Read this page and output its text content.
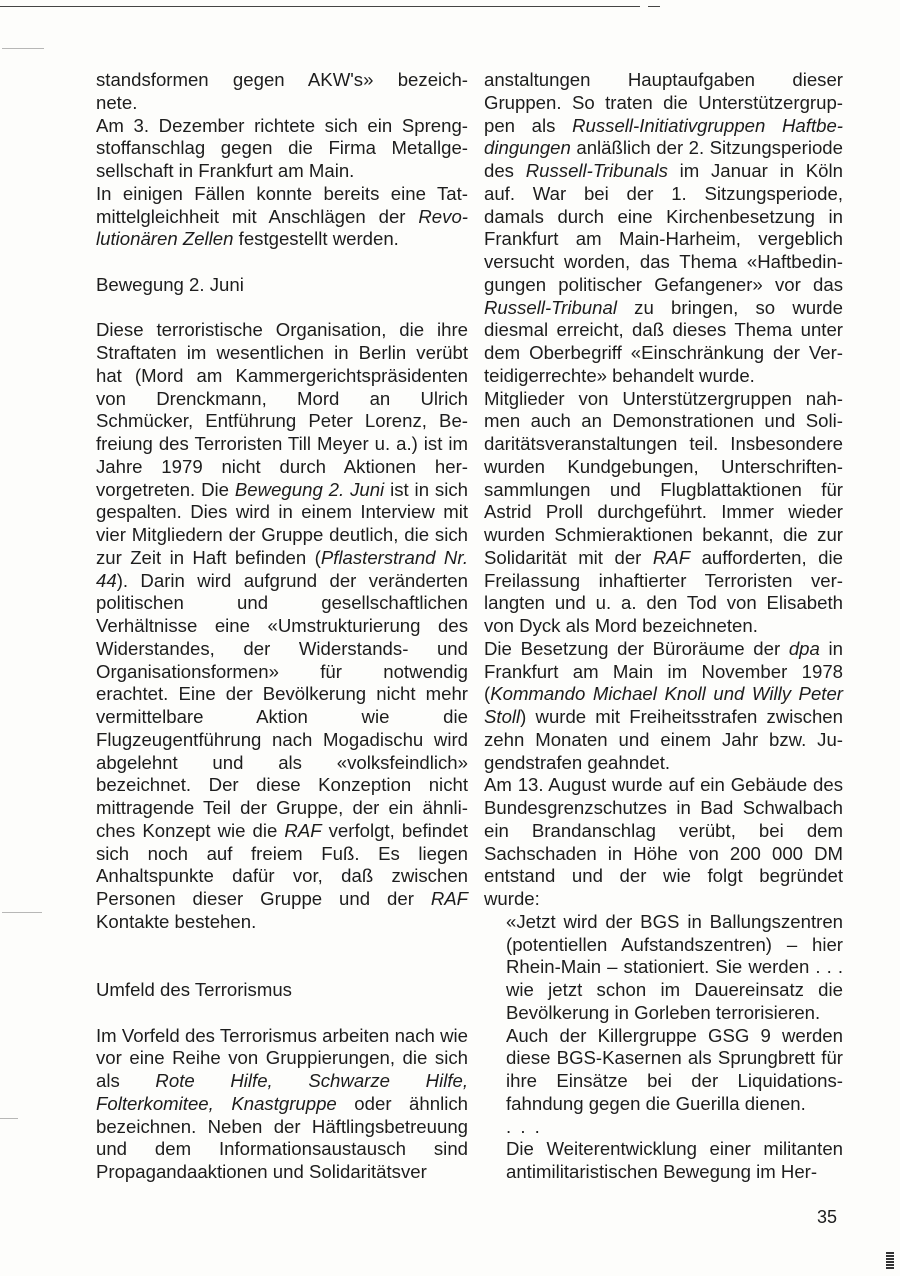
standsformen gegen AKW's» bezeich-
nete.

Am 3. Dezember richtete sich ein Sprengstoffanschlag gegen die Firma Metallgesellschaft in Frankfurt am Main.

In einigen Fällen konnte bereits eine Tatmittelgleichheit mit Anschlägen der Revolutionären Zellen festgestellt werden.

Bewegung 2. Juni

Diese terroristische Organisation, die ihre Straftaten im wesentlichen in Berlin verübt hat (Mord am Kammergerichtspräsidenten von Drenckmann, Mord an Ulrich Schmücker, Entführung Peter Lorenz, Befreiung des Terroristen Till Meyer u. a.) ist im Jahre 1979 nicht durch Aktionen hervorgetreten. Die Bewegung 2. Juni ist in sich gespalten. Dies wird in einem Interview mit vier Mitgliedern der Gruppe deutlich, die sich zur Zeit in Haft befinden (Pflasterstrand Nr. 44). Darin wird aufgrund der veränderten politischen und gesellschaftlichen Verhältnisse eine «Umstrukturierung des Widerstandes, der Widerstands- und Organisationsformen» für notwendig erachtet. Eine der Bevölkerung nicht mehr vermittelbare Aktion wie die Flugzeugentführung nach Mogadischu wird abgelehnt und als «volksfeindlich» bezeichnet. Der diese Konzeption nicht mittragende Teil der Gruppe, der ein ähnliches Konzept wie die RAF verfolgt, befindet sich noch auf freiem Fuß. Es liegen Anhaltspunkte dafür vor, daß zwischen Personen dieser Gruppe und der RAF Kontakte bestehen.

Umfeld des Terrorismus

Im Vorfeld des Terrorismus arbeiten nach wie vor eine Reihe von Gruppierungen, die sich als Rote Hilfe, Schwarze Hilfe, Folterkomitee, Knastgruppe oder ähnlich bezeichnen. Neben der Häftlingsbetreuung und dem Informationsaustausch sind Propagandaaktionen und Solidaritätsver

anstaltungen Hauptaufgaben dieser Gruppen. So traten die Unterstützergruppen als Russell-Initiativgruppen Haftbedingungen anläßlich der 2. Sitzungsperiode des Russell-Tribunals im Januar in Köln auf. War bei der 1. Sitzungsperiode, damals durch eine Kirchenbesetzung in Frankfurt am Main-Harheim, vergeblich versucht worden, das Thema «Haftbedingungen politischer Gefangener» vor das Russell-Tribunal zu bringen, so wurde diesmal erreicht, daß dieses Thema unter dem Oberbegriff «Einschränkung der Verteidigerrechte» behandelt wurde.

Mitglieder von Unterstützergruppen nahmen auch an Demonstrationen und Solidaritätsveranstaltungen teil. Insbesondere wurden Kundgebungen, Unterschriftensammlungen und Flugblattaktionen für Astrid Proll durchgeführt. Immer wieder wurden Schmieraktionen bekannt, die zur Solidarität mit der RAF aufforderten, die Freilassung inhaftierter Terroristen verlangten und u. a. den Tod von Elisabeth von Dyck als Mord bezeichneten.

Die Besetzung der Büroräume der dpa in Frankfurt am Main im November 1978 (Kommando Michael Knoll und Willy Peter Stoll) wurde mit Freiheitsstrafen zwischen zehn Monaten und einem Jahr bzw. Jugendstrafen geahndet.

Am 13. August wurde auf ein Gebäude des Bundesgrenzschutzes in Bad Schwalbach ein Brandanschlag verübt, bei dem Sachschaden in Höhe von 200 000 DM entstand und der wie folgt begründet wurde:

«Jetzt wird der BGS in Ballungszentren (potentiellen Aufstandszentren) – hier Rhein-Main – stationiert. Sie werden . . . wie jetzt schon im Dauereinsatz die Bevölkerung in Gorleben terrorisieren.

Auch der Killergruppe GSG 9 werden diese BGS-Kasernen als Sprungbrett für ihre Einsätze bei der Liquidationsfahndung gegen die Guerilla dienen.

. . .

Die Weiterentwicklung einer militanten antimilitaristischen Bewegung im Her-

35
